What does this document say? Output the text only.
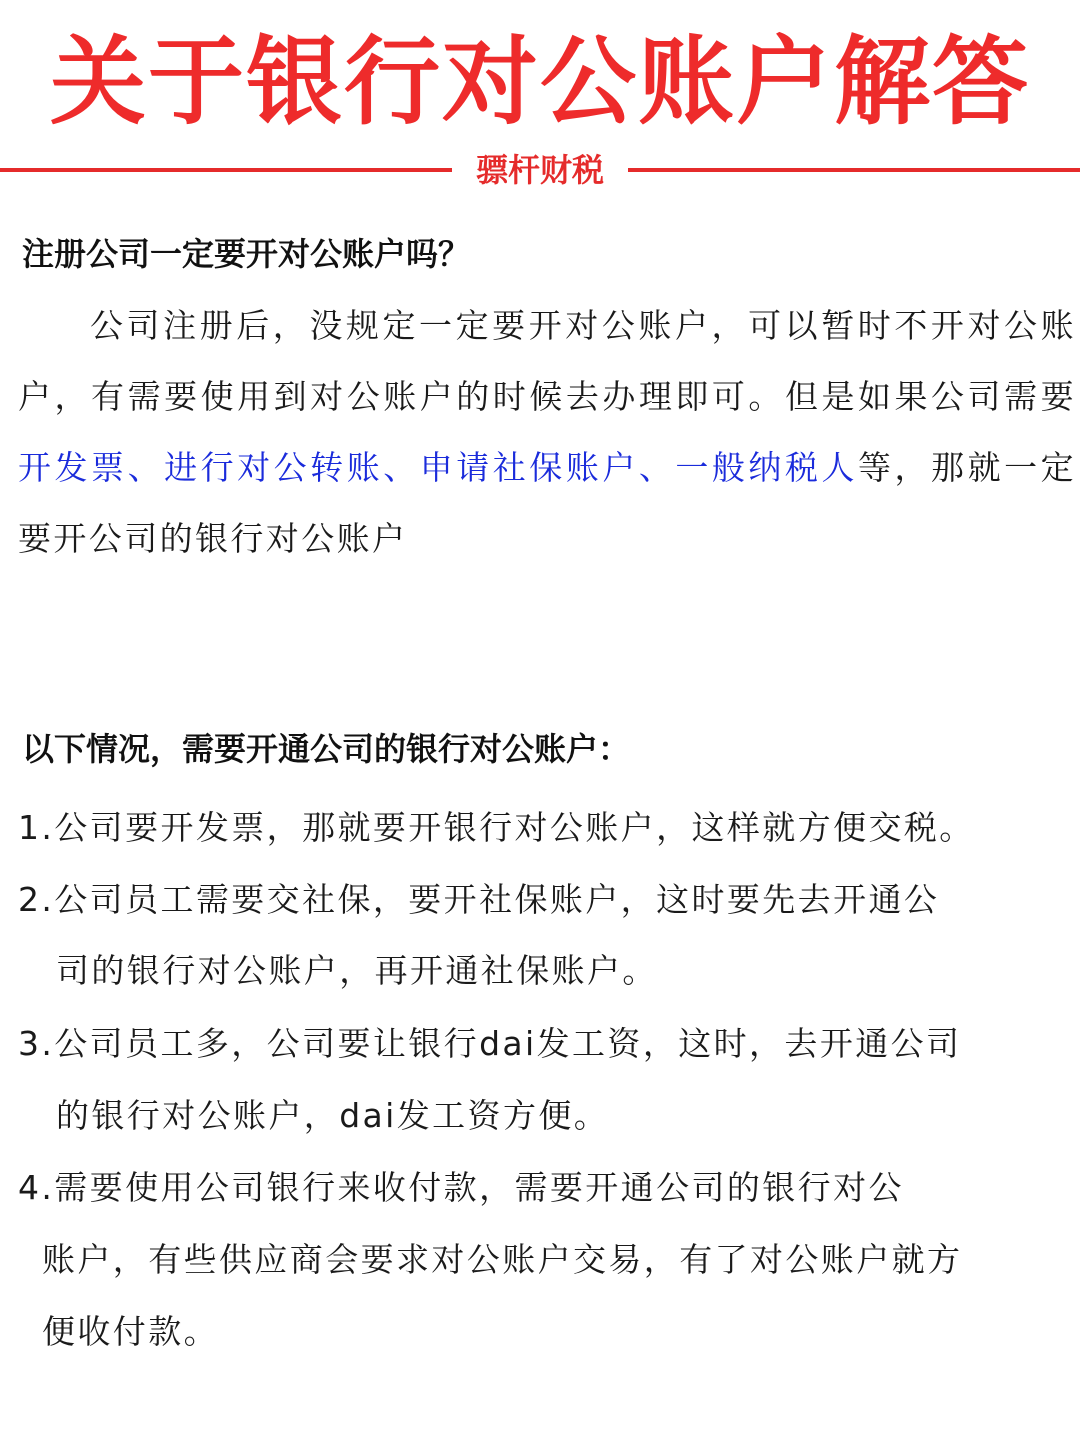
关于银行对公账户解答
骠杆财税
注册公司一定要开对公账户吗？
公司注册后，没规定一定要开对公账户，可以暂时不开对公账户，有需要使用到对公账户的时候去办理即可。但是如果公司需要开发票、进行对公转账、申请社保账户、一般纳税人等，那就一定要开公司的银行对公账户
以下情况，需要开通公司的银行对公账户：
1.公司要开发票，那就要开银行对公账户，这样就方便交税。
2.公司员工需要交社保，要开社保账户，这时要先去开通公
司的银行对公账户，再开通社保账户。
3.公司员工多，公司要让银行dai发工资，这时，去开通公司
的银行对公账户，dai发工资方便。
4.需要使用公司银行来收付款，需要开通公司的银行对公
账户，有些供应商会要求对公账户交易，有了对公账户就方
便收付款。
